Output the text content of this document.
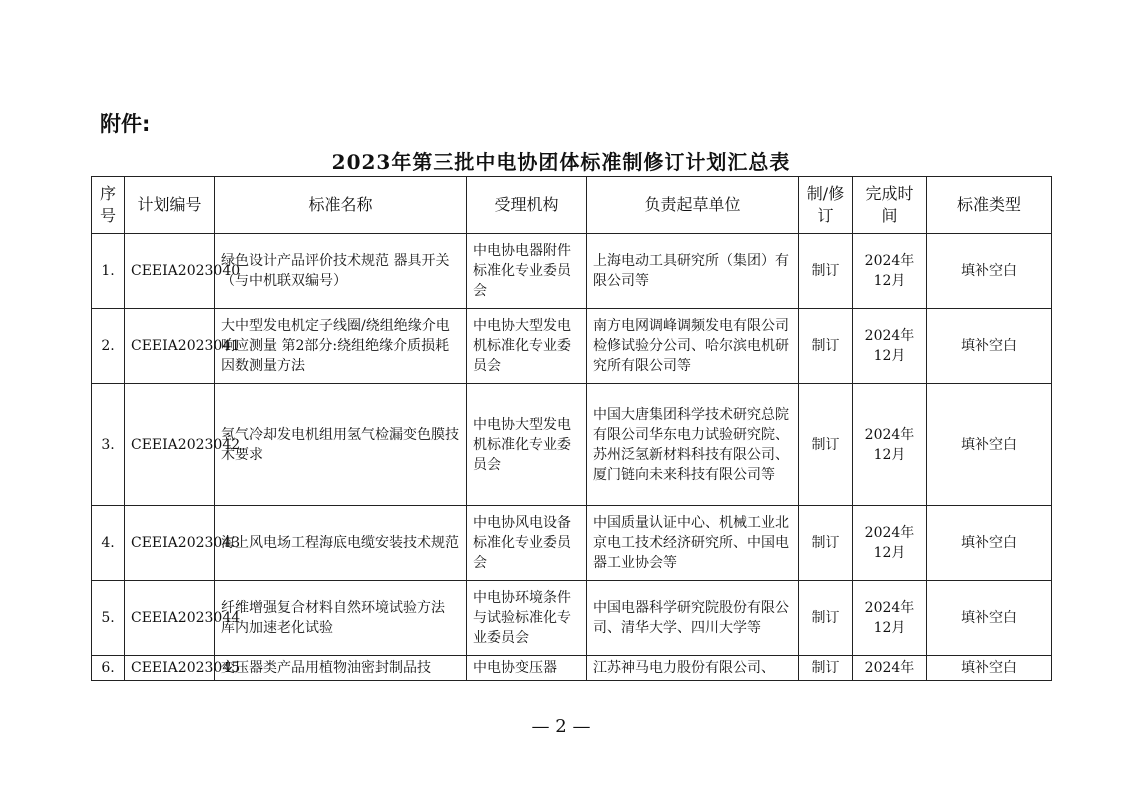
附件:
2023年第三批中电协团体标准制修订计划汇总表
序号	计划编号	标准名称	受理机构	负责起草单位	制/修订	完成时间	标准类型
1.	CEEIA2023040	绿色设计产品评价技术规范 器具开关（与中机联双编号）	中电协电器附件标准化专业委员会	上海电动工具研究所（集团）有限公司等	制订	2024年12月	填补空白
2.	CEEIA2023041	大中型发电机定子线圈/绕组绝缘介电响应测量 第2部分:绕组绝缘介质损耗因数测量方法	中电协大型发电机标准化专业委员会	南方电网调峰调频发电有限公司检修试验分公司、哈尔滨电机研究所有限公司等	制订	2024年12月	填补空白
3.	CEEIA2023042	氢气冷却发电机组用氢气检漏变色膜技术要求	中电协大型发电机标准化专业委员会	中国大唐集团科学技术研究总院有限公司华东电力试验研究院、苏州泛氢新材料科技有限公司、厦门链向未来科技有限公司等	制订	2024年12月	填补空白
4.	CEEIA2023043	海上风电场工程海底电缆安装技术规范	中电协风电设备标准化专业委员会	中国质量认证中心、机械工业北京电工技术经济研究所、中国电器工业协会等	制订	2024年12月	填补空白
5.	CEEIA2023044	纤维增强复合材料自然环境试验方法 库内加速老化试验	中电协环境条件与试验标准化专业委员会	中国电器科学研究院股份有限公司、清华大学、四川大学等	制订	2024年12月	填补空白
6.	CEEIA2023045	变压器类产品用植物油密封制品技	中电协变压器	江苏神马电力股份有限公司、	制订	2024年	填补空白
— 2 —
